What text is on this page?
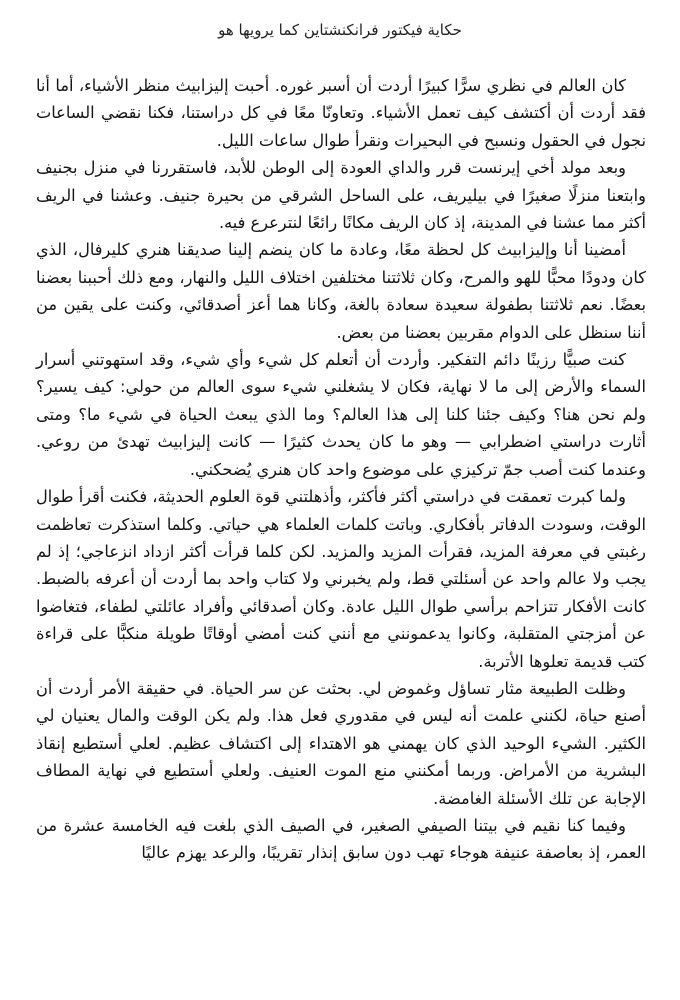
حكاية فيكتور فرانكنشتاين كما يرويها هو

كان العالم في نظري سرًّا كبيرًا أردت أن أسبر غوره. أحبت إليزابيث منظر الأشياء، أما أنا فقد أردت أن أكتشف كيف تعمل الأشياء. وتعاونّا معًا في كل دراستنا، فكنا نقضي الساعات نجول في الحقول ونسبح في البحيرات ونقرأ طوال ساعات الليل.

وبعد مولد أخي إيرنست قرر والداي العودة إلى الوطن للأبد، فاستقررنا في منزل بجنيف وابتعنا منزلًا صغيرًا في بيليريف، على الساحل الشرقي من بحيرة جنيف. وعشنا في الريف أكثر مما عشنا في المدينة، إذ كان الريف مكانًا رائعًا لنترعرع فيه.

أمضينا أنا وإليزابيث كل لحظة معًا، وعادة ما كان ينضم إلينا صديقنا هنري كليرفال، الذي كان ودودًا محبًّا للهو والمرح، وكان ثلاثتنا مختلفين اختلاف الليل والنهار، ومع ذلك أحببنا بعضنا بعضًا. نعم ثلاثتنا بطفولة سعيدة سعادة بالغة، وكانا هما أعز أصدقائي، وكنت على يقين من أننا سنظل على الدوام مقربين بعضنا من بعض.

كنت صبيًّا رزينًا دائم التفكير. وأردت أن أتعلم كل شيء وأي شيء، وقد استهوتني أسرار السماء والأرض إلى ما لا نهاية، فكان لا يشغلني شيء سوى العالم من حولي: كيف يسير؟ ولم نحن هنا؟ وكيف جئنا كلنا إلى هذا العالم؟ وما الذي يبعث الحياة في شيء ما؟ ومتى أثارت دراستي اضطرابي — وهو ما كان يحدث كثيرًا — كانت إليزابيث تهدئ من روعي. وعندما كنت أصب جمّ تركيزي على موضوع واحد كان هنري يُضحكني.

ولما كبرت تعمقت في دراستي أكثر فأكثر، وأذهلتني قوة العلوم الحديثة، فكنت أقرأ طوال الوقت، وسودت الدفاتر بأفكاري. وباتت كلمات العلماء هي حياتي. وكلما استذكرت تعاظمت رغبتي في معرفة المزيد، فقرأت المزيد والمزيد. لكن كلما قرأت أكثر ازداد انزعاجي؛ إذ لم يجب ولا عالم واحد عن أسئلتي قط، ولم يخبرني ولا كتاب واحد بما أردت أن أعرفه بالضبط. كانت الأفكار تتزاحم برأسي طوال الليل عادة. وكان أصدقائي وأفراد عائلتي لطفاء، فتغاضوا عن أمزجتي المتقلبة، وكانوا يدعمونني مع أنني كنت أمضي أوقاتًا طويلة منكبًّا على قراءة كتب قديمة تعلوها الأتربة.

وظلت الطبيعة مثار تساؤل وغموض لي. بحثت عن سر الحياة. في حقيقة الأمر أردت أن أصنع حياة، لكنني علمت أنه ليس في مقدوري فعل هذا. ولم يكن الوقت والمال يعنيان لي الكثير. الشيء الوحيد الذي كان يهمني هو الاهتداء إلى اكتشاف عظيم. لعلي أستطيع إنقاذ البشرية من الأمراض. وربما أمكنني منع الموت العنيف. ولعلي أستطيع في نهاية المطاف الإجابة عن تلك الأسئلة الغامضة.

وفيما كنا نقيم في بيتنا الصيفي الصغير، في الصيف الذي بلغت فيه الخامسة عشرة من العمر، إذ بعاصفة عنيفة هوجاء تهب دون سابق إنذار تقريبًا، والرعد يهزم عاليًا
